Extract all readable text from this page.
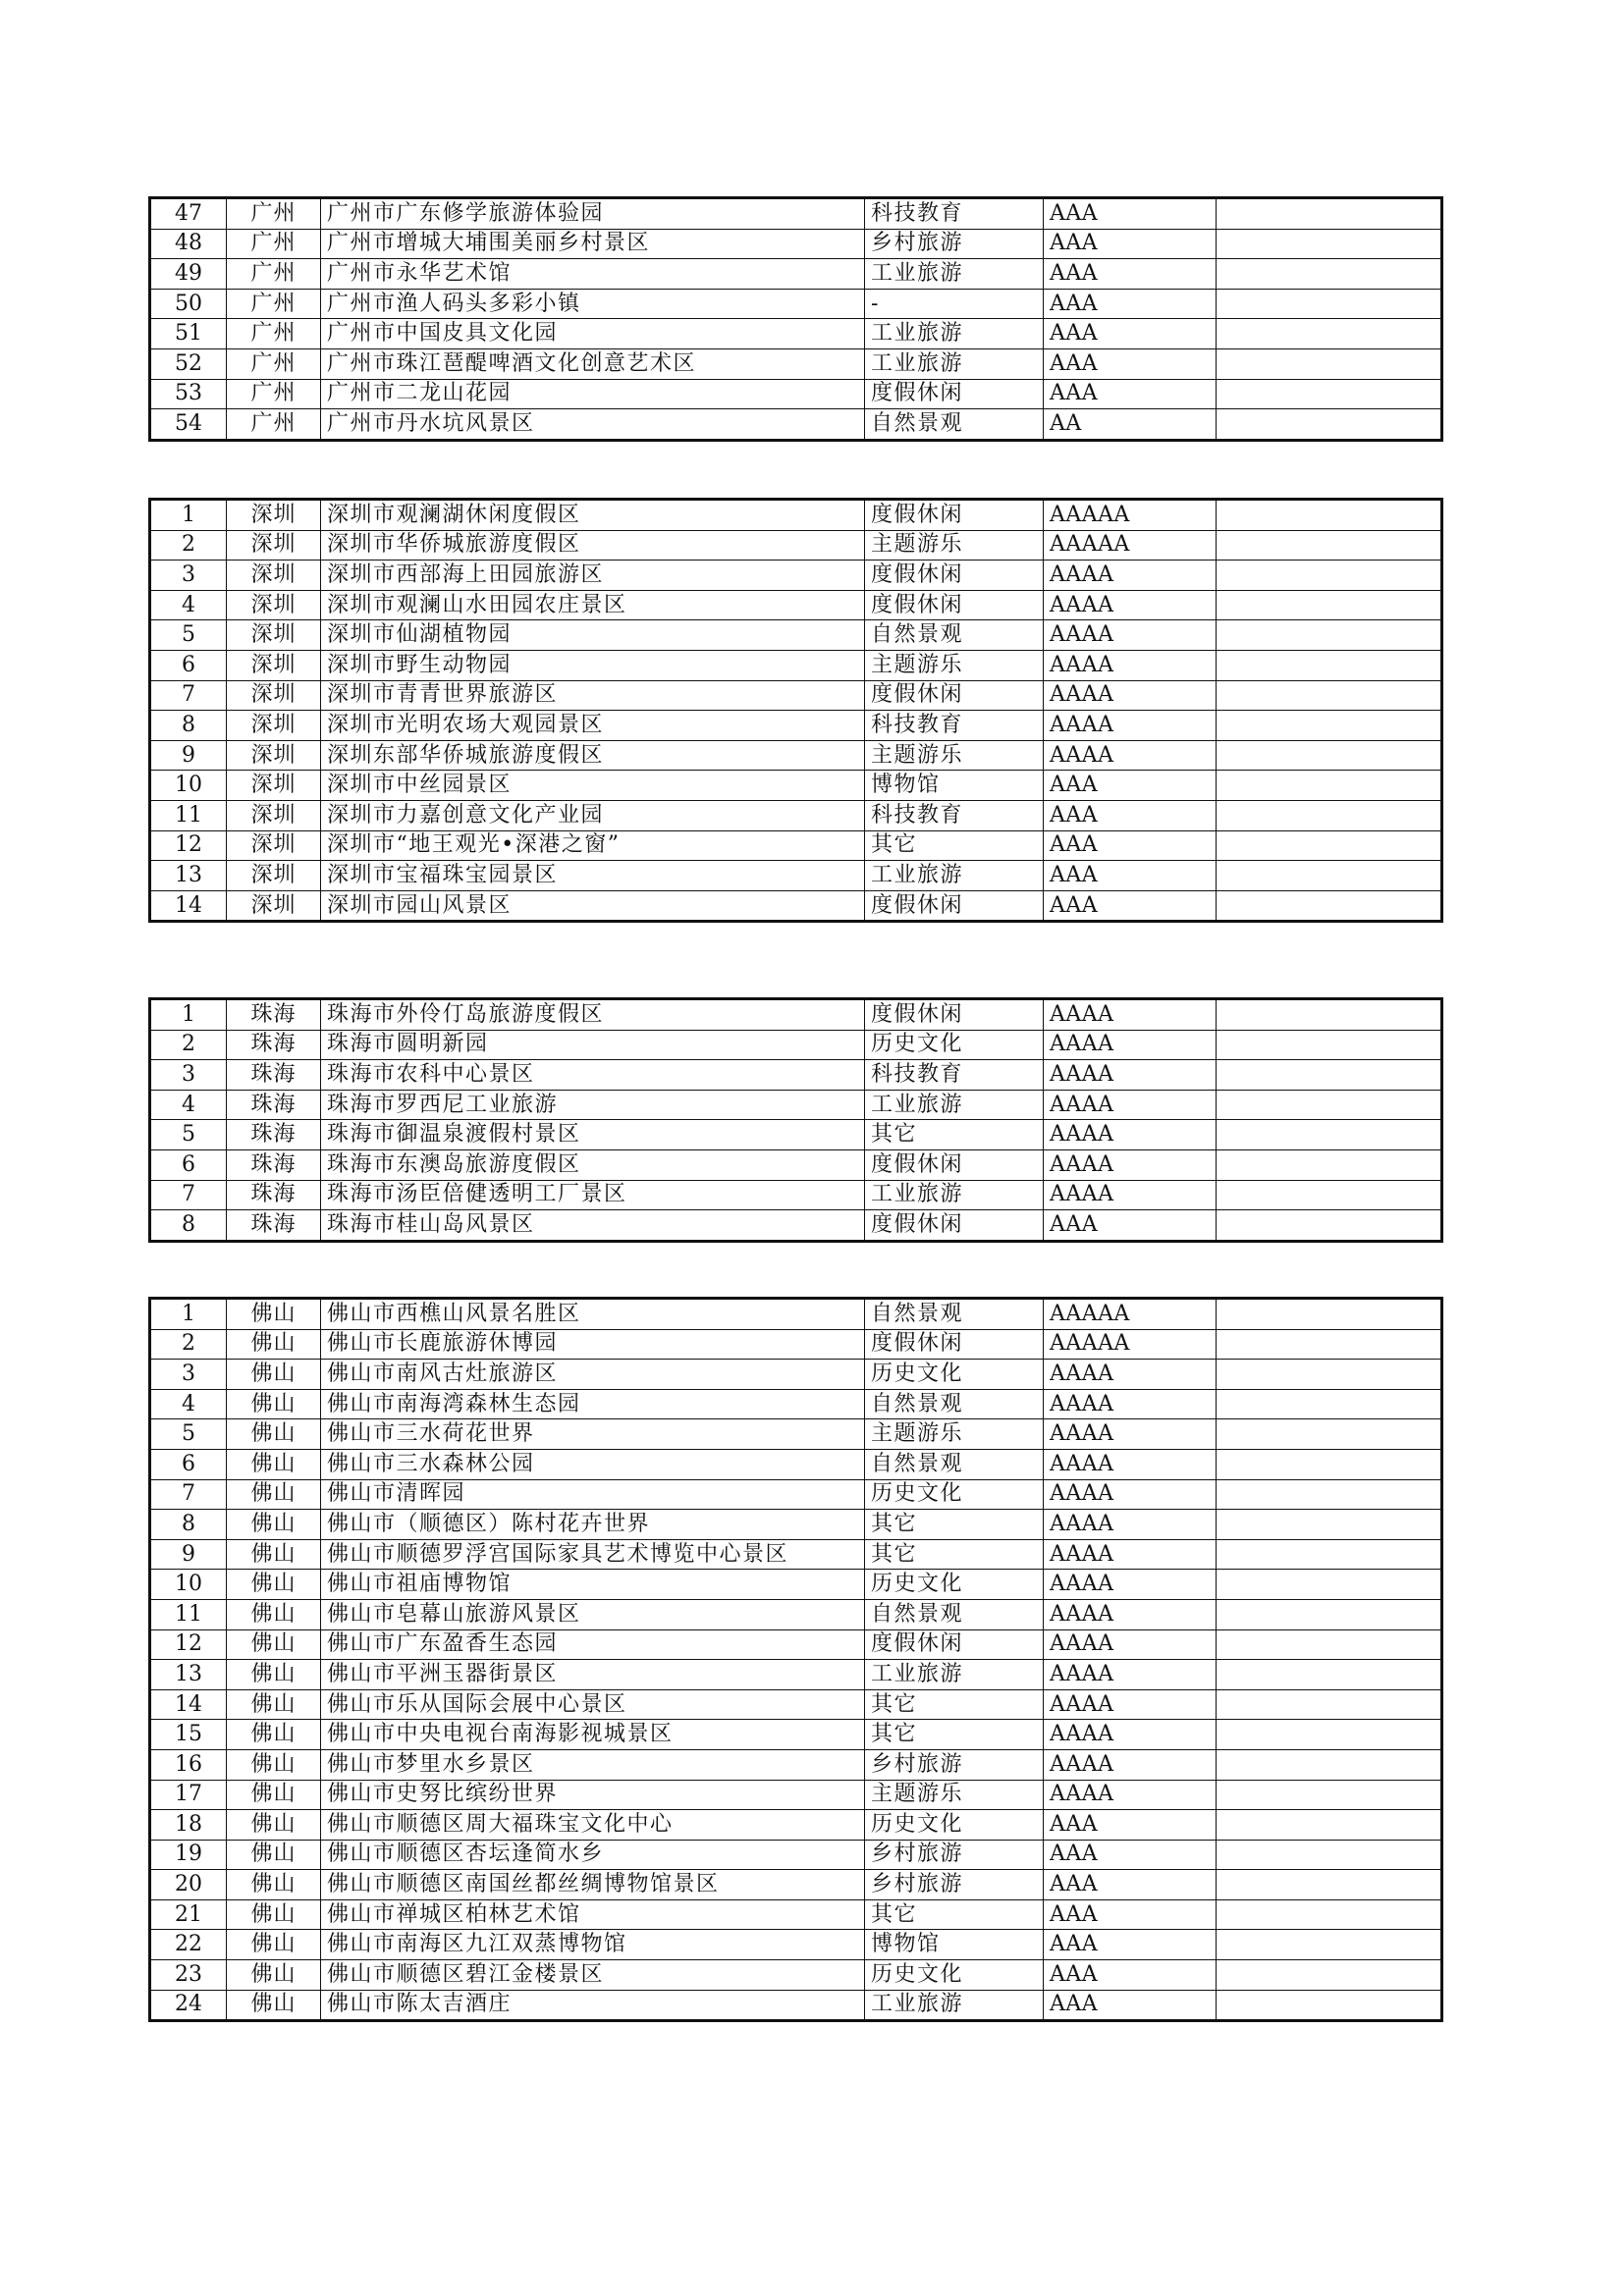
47	广州	广州市广东修学旅游体验园	科技教育	AAA	
48	广州	广州市增城大埔围美丽乡村景区	乡村旅游	AAA	
49	广州	广州市永华艺术馆	工业旅游	AAA	
50	广州	广州市渔人码头多彩小镇	-	AAA	
51	广州	广州市中国皮具文化园	工业旅游	AAA	
52	广州	广州市珠江琶醍啤酒文化创意艺术区	工业旅游	AAA	
53	广州	广州市二龙山花园	度假休闲	AAA	
54	广州	广州市丹水坑风景区	自然景观	AA	
1	深圳	深圳市观澜湖休闲度假区	度假休闲	AAAAA	
2	深圳	深圳市华侨城旅游度假区	主题游乐	AAAAA	
3	深圳	深圳市西部海上田园旅游区	度假休闲	AAAA	
4	深圳	深圳市观澜山水田园农庄景区	度假休闲	AAAA	
5	深圳	深圳市仙湖植物园	自然景观	AAAA	
6	深圳	深圳市野生动物园	主题游乐	AAAA	
7	深圳	深圳市青青世界旅游区	度假休闲	AAAA	
8	深圳	深圳市光明农场大观园景区	科技教育	AAAA	
9	深圳	深圳东部华侨城旅游度假区	主题游乐	AAAA	
10	深圳	深圳市中丝园景区	博物馆	AAA	
11	深圳	深圳市力嘉创意文化产业园	科技教育	AAA	
12	深圳	深圳市“地王观光•深港之窗”	其它	AAA	
13	深圳	深圳市宝福珠宝园景区	工业旅游	AAA	
14	深圳	深圳市园山风景区	度假休闲	AAA	
1	珠海	珠海市外伶仃岛旅游度假区	度假休闲	AAAA	
2	珠海	珠海市圆明新园	历史文化	AAAA	
3	珠海	珠海市农科中心景区	科技教育	AAAA	
4	珠海	珠海市罗西尼工业旅游	工业旅游	AAAA	
5	珠海	珠海市御温泉渡假村景区	其它	AAAA	
6	珠海	珠海市东澳岛旅游度假区	度假休闲	AAAA	
7	珠海	珠海市汤臣倍健透明工厂景区	工业旅游	AAAA	
8	珠海	珠海市桂山岛风景区	度假休闲	AAA	
1	佛山	佛山市西樵山风景名胜区	自然景观	AAAAA	
2	佛山	佛山市长鹿旅游休博园	度假休闲	AAAAA	
3	佛山	佛山市南风古灶旅游区	历史文化	AAAA	
4	佛山	佛山市南海湾森林生态园	自然景观	AAAA	
5	佛山	佛山市三水荷花世界	主题游乐	AAAA	
6	佛山	佛山市三水森林公园	自然景观	AAAA	
7	佛山	佛山市清晖园	历史文化	AAAA	
8	佛山	佛山市（顺德区）陈村花卉世界	其它	AAAA	
9	佛山	佛山市顺德罗浮宫国际家具艺术博览中心景区	其它	AAAA	
10	佛山	佛山市祖庙博物馆	历史文化	AAAA	
11	佛山	佛山市皂幕山旅游风景区	自然景观	AAAA	
12	佛山	佛山市广东盈香生态园	度假休闲	AAAA	
13	佛山	佛山市平洲玉器街景区	工业旅游	AAAA	
14	佛山	佛山市乐从国际会展中心景区	其它	AAAA	
15	佛山	佛山市中央电视台南海影视城景区	其它	AAAA	
16	佛山	佛山市梦里水乡景区	乡村旅游	AAAA	
17	佛山	佛山市史努比缤纷世界	主题游乐	AAAA	
18	佛山	佛山市顺德区周大福珠宝文化中心	历史文化	AAA	
19	佛山	佛山市顺德区杏坛逢简水乡	乡村旅游	AAA	
20	佛山	佛山市顺德区南国丝都丝绸博物馆景区	乡村旅游	AAA	
21	佛山	佛山市禅城区柏林艺术馆	其它	AAA	
22	佛山	佛山市南海区九江双蒸博物馆	博物馆	AAA	
23	佛山	佛山市顺德区碧江金楼景区	历史文化	AAA	
24	佛山	佛山市陈太吉酒庄	工业旅游	AAA	
